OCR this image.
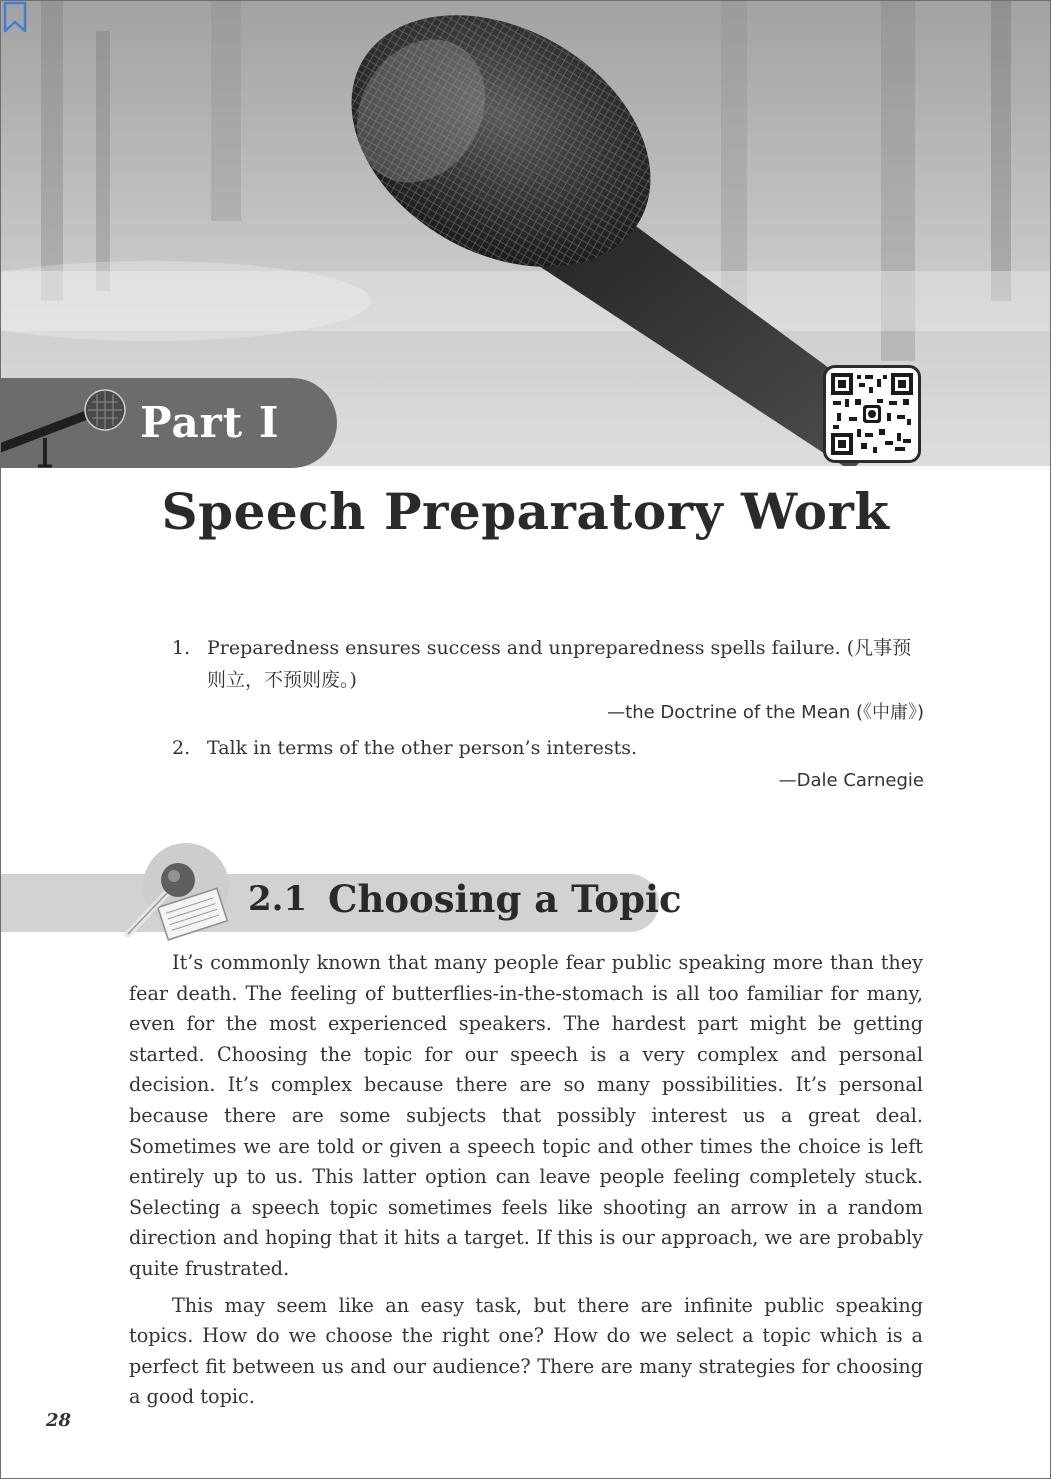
Part I
Speech Preparatory Work
1. Preparedness ensures success and unpreparedness spells failure. (凡事预则立，不预则废。)
—the Doctrine of the Mean (《中庸》)
2. Talk in terms of the other person’s interests.
—Dale Carnegie
2.1 Choosing a Topic

It’s commonly known that many people fear public speaking more than they fear death. The feeling of butterflies-in-the-stomach is all too familiar for many, even for the most experienced speakers. The hardest part might be getting started. Choosing the topic for our speech is a very complex and personal decision. It’s complex because there are so many possibilities. It’s personal because there are some subjects that possibly interest us a great deal. Sometimes we are told or given a speech topic and other times the choice is left entirely up to us. This latter option can leave people feeling completely stuck. Selecting a speech topic sometimes feels like shooting an arrow in a random direction and hoping that it hits a target. If this is our approach, we are probably quite frustrated.

This may seem like an easy task, but there are infinite public speaking topics. How do we choose the right one? How do we select a topic which is a perfect fit between us and our audience? There are many strategies for choosing a good topic.

28
